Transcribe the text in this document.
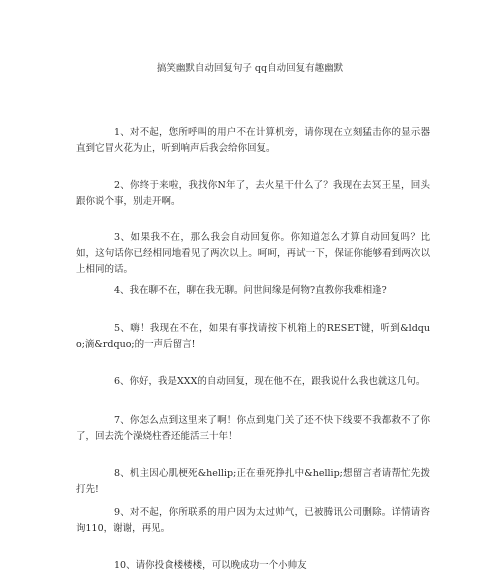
搞笑幽默自动回复句子 qq自动回复有趣幽默
1、对不起，您所呼叫的用户不在计算机旁，请你现在立刻猛击你的显示器直到它冒火花为止，听到响声后我会给你回复。
2、你终于来啦，我找你N年了，去火星干什么了？我现在去冥王星，回头跟你说个事，别走开啊。
3、如果我不在，那么我会自动回复你。你知道怎么才算自动回复吗？比如，这句话你已经相同地看见了两次以上。呵呵，再试一下，保证你能够看到两次以上相同的话。
4、我在聊不在，聊在我无聊。问世间缘是何物?直教你我难相逢?
5、嗨！我现在不在，如果有事找请按下机箱上的RESET键，听到&ldquo;滴&rdquo;的一声后留言!
6、你好，我是XXX的自动回复，现在他不在，跟我说什么我也就这几句。
7、你怎么点到这里来了啊！你点到鬼门关了还不快下线要不我都救不了你了，回去洗个澡烧柱香还能活三十年！
8、机主因心肌梗死&hellip;正在垂死挣扎中&hellip;想留言者请帮忙先拨打先!
9、对不起，你所联系的用户因为太过帅气，已被腾讯公司删除。详情请咨询110，谢谢，再见。
10、请你投食楼楼楼，可以晚成功一个小帅友
